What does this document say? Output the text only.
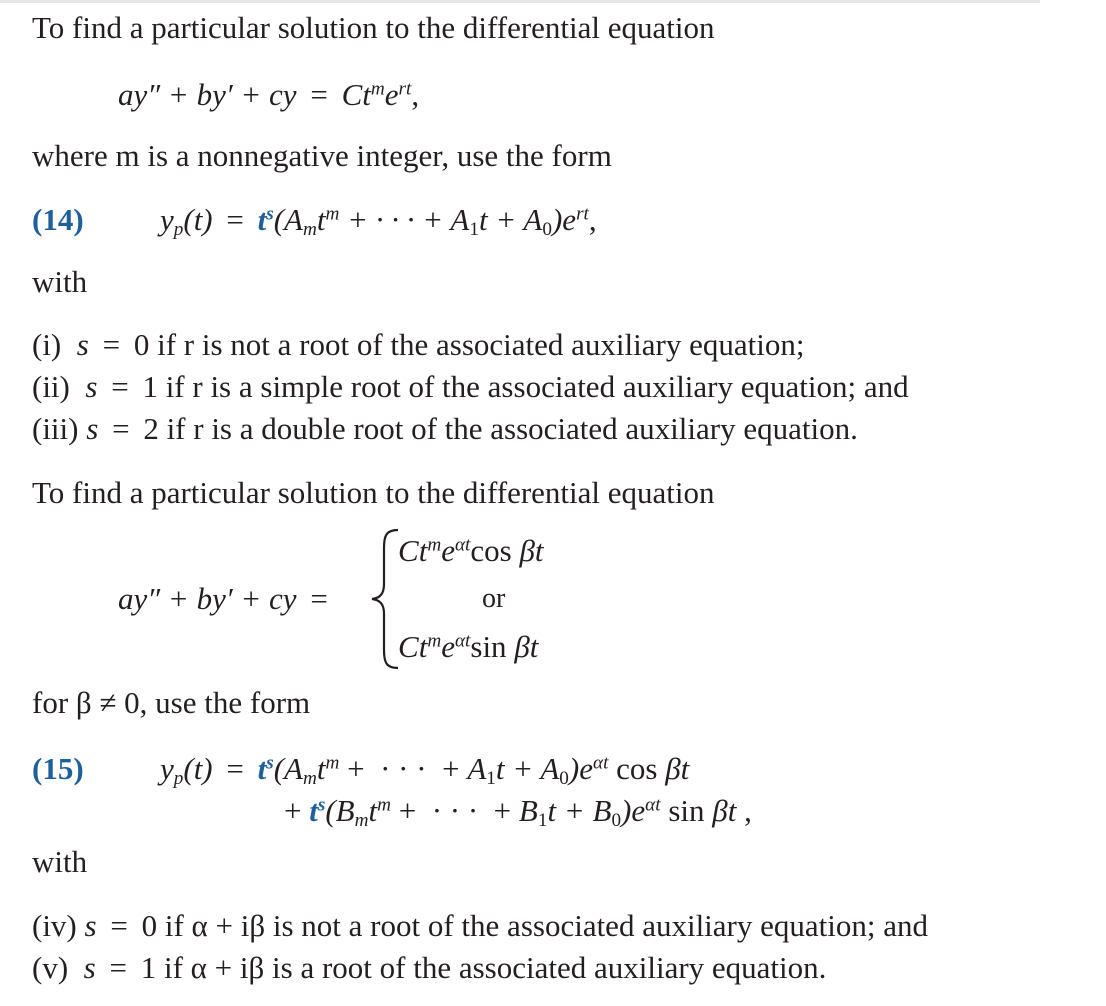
To find a particular solution to the differential equation
ay″ + by′ + cy = $Ct^me^{rt}$,
where m is a nonnegative integer, use the form
(14) $y_p(t) = t^s(A_mt^m$ + · · · + $A_1t + A_0)e^{rt}$,
with
(i) s = 0 if r is not a root of the associated auxiliary equation;
(ii) s = 1 if r is a simple root of the associated auxiliary equation; and
(iii) s = 2 if r is a double root of the associated auxiliary equation.
To find a particular solution to the differential equation
ay″ + by′ + cy =
$Ct^me^{\alpha t}\cos$ βt
or
$Ct^me^{\alpha t}\sin$ βt
for β ≠ 0, use the form
(15) $y_p(t) = t^s(A_mt^m$ +  · · ·  + $A_1t + A_0)e^{\alpha t}$ cos βt
+ $t^s(B_mt^m$ +  · · ·  + $B_1t + B_0)e^{\alpha t}$ sin βt ,
with
(iv) s = 0 if α + iβ is not a root of the associated auxiliary equation; and
(v) s = 1 if α + iβ is a root of the associated auxiliary equation.
